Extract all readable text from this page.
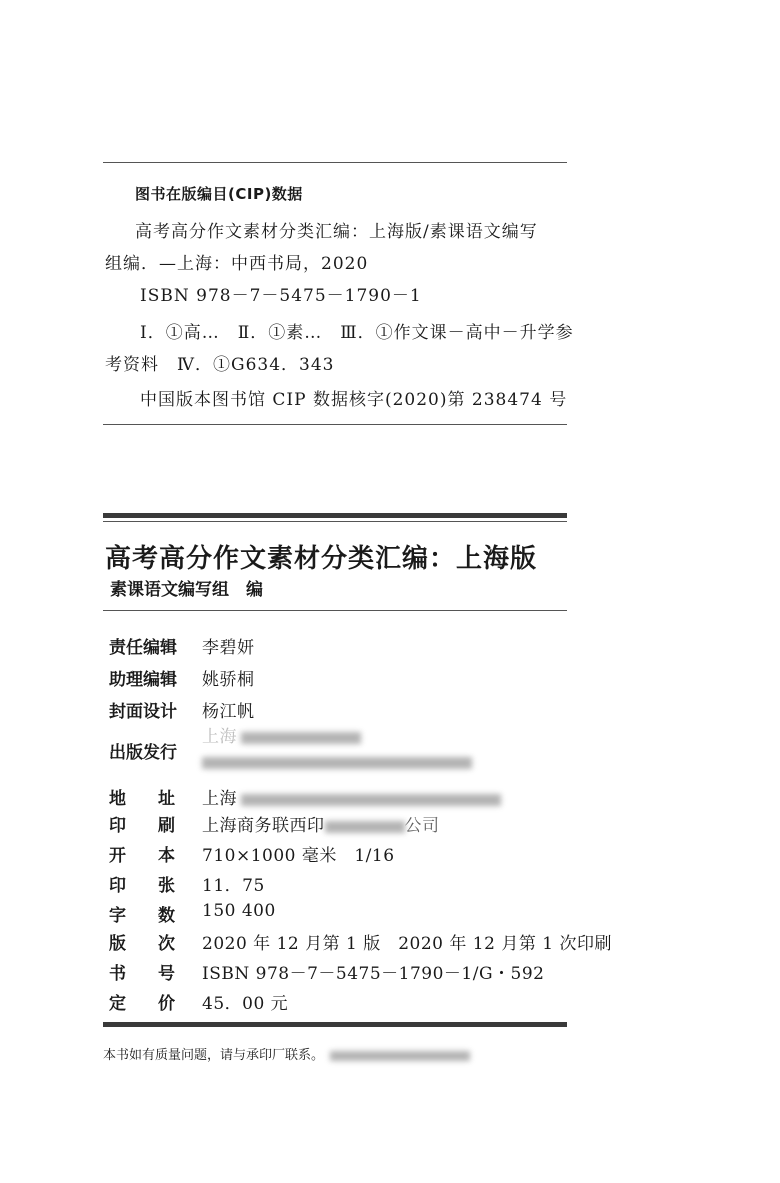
图书在版编目(CIP)数据
高考高分作文素材分类汇编：上海版/素课语文编写
组编．—上海：中西书局，2020
ISBN 978－7－5475－1790－1
Ⅰ．①高…　Ⅱ．①素…　Ⅲ．①作文课－高中－升学参
考资料　Ⅳ．①G634．343
中国版本图书馆 CIP 数据核字(2020)第 238474 号
高考高分作文素材分类汇编：上海版
素课语文编写组　编
责任编辑 李碧妍
助理编辑 姚骄桐
封面设计 杨江帆
出版发行
上海
地址
上海
印刷
上海商务联西印	公司
开本
710×1000 毫米　1/16
印张
11．75
字数
150 400
版次
2020 年 12 月第 1 版　2020 年 12 月第 1 次印刷
书号
ISBN 978－7－5475－1790－1/G・592
定价
45．00 元
本书如有质量问题，请与承印厂联系。
